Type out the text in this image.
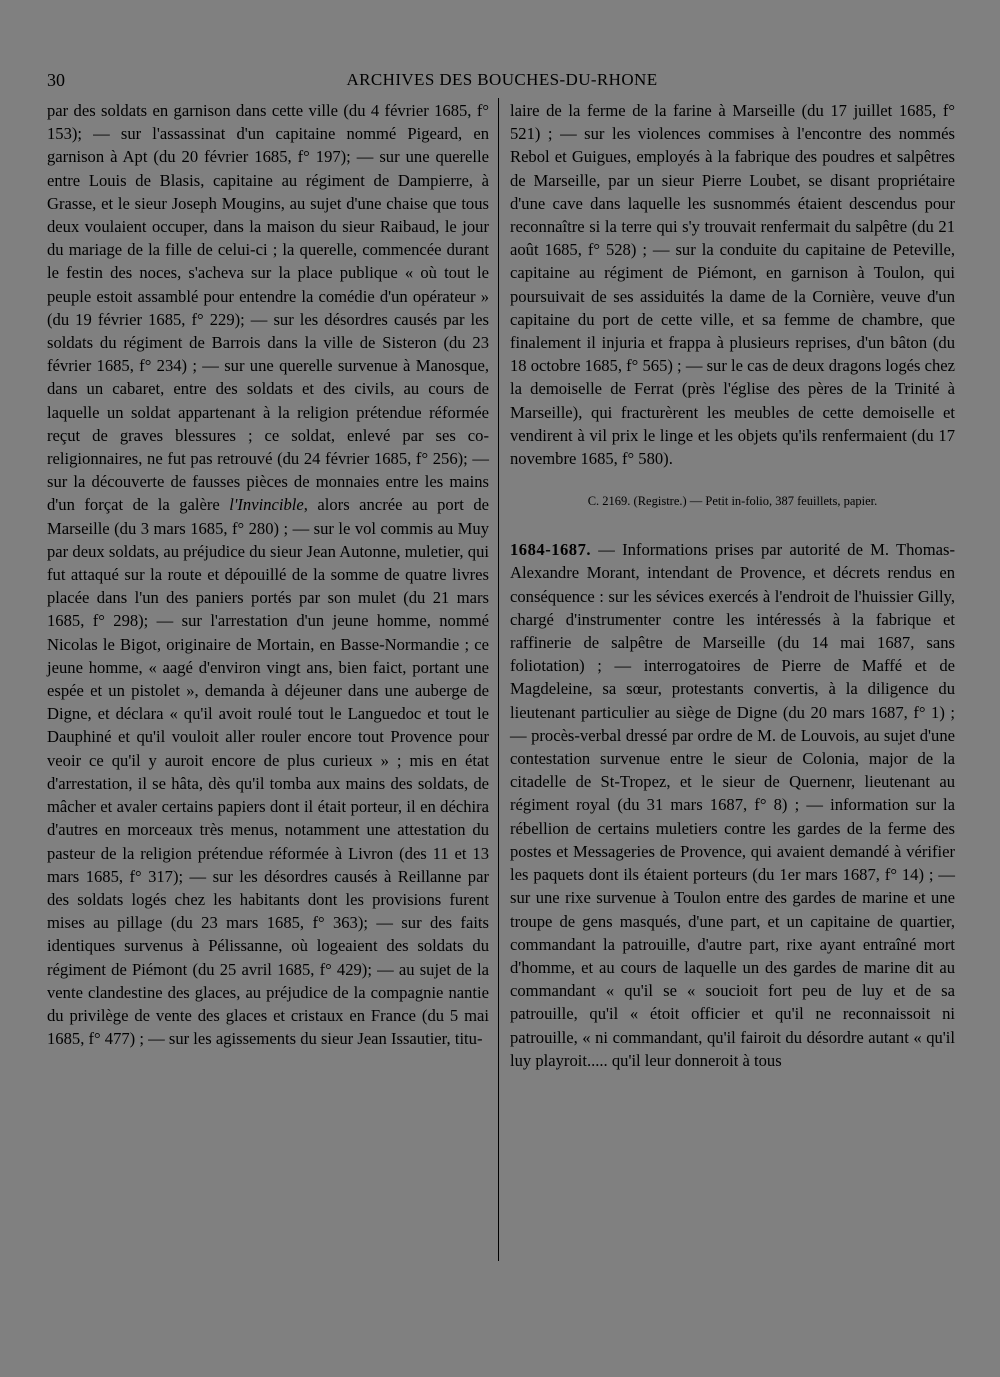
30	ARCHIVES DES BOUCHES-DU-RHONE

par des soldats en garnison dans cette ville (du 4 février 1685, f° 153); — sur l'assassinat d'un capitaine nommé Pigeard, en garnison à Apt (du 20 février 1685, f° 197); — sur une querelle entre Louis de Blasis, capitaine au régiment de Dampierre, à Grasse, et le sieur Joseph Mougins, au sujet d'une chaise que tous deux voulaient occuper, dans la maison du sieur Raibaud, le jour du mariage de la fille de celui-ci ; la querelle, commencée durant le festin des noces, s'acheva sur la place publique « où tout le peuple estoit assamblé pour entendre la comédie d'un opérateur » (du 19 février 1685, f° 229); — sur les désordres causés par les soldats du régiment de Barrois dans la ville de Sisteron (du 23 février 1685, f° 234) ; — sur une querelle survenue à Manosque, dans un cabaret, entre des soldats et des civils, au cours de laquelle un soldat appartenant à la religion prétendue réformée reçut de graves blessures ; ce soldat, enlevé par ses co-religionnaires, ne fut pas retrouvé (du 24 février 1685, f° 256); — sur la découverte de fausses pièces de monnaies entre les mains d'un forçat de la galère l'Invincible, alors ancrée au port de Marseille (du 3 mars 1685, f° 280) ; — sur le vol commis au Muy par deux soldats, au préjudice du sieur Jean Autonne, muletier, qui fut attaqué sur la route et dépouillé de la somme de quatre livres placée dans l'un des paniers portés par son mulet (du 21 mars 1685, f° 298); — sur l'arrestation d'un jeune homme, nommé Nicolas le Bigot, originaire de Mortain, en Basse-Normandie ; ce jeune homme, « aagé d'environ vingt ans, bien faict, portant une espée et un pistolet », demanda à déjeuner dans une auberge de Digne, et déclara « qu'il avoit roulé tout le Languedoc et tout le Dauphiné et qu'il vouloit aller rouler encore tout Provence pour veoir ce qu'il y auroit encore de plus curieux » ; mis en état d'arrestation, il se hâta, dès qu'il tomba aux mains des soldats, de mâcher et avaler certains papiers dont il était porteur, il en déchira d'autres en morceaux très menus, notamment une attestation du pasteur de la religion prétendue réformée à Livron (des 11 et 13 mars 1685, f° 317); — sur les désordres causés à Reillanne par des soldats logés chez les habitants dont les provisions furent mises au pillage (du 23 mars 1685, f° 363); — sur des faits identiques survenus à Pélissanne, où logeaient des soldats du régiment de Piémont (du 25 avril 1685, f° 429); — au sujet de la vente clandestine des glaces, au préjudice de la compagnie nantie du privilège de vente des glaces et cristaux en France (du 5 mai 1685, f° 477) ; — sur les agissements du sieur Jean Issautier, titu-

laire de la ferme de la farine à Marseille (du 17 juillet 1685, f° 521) ; — sur les violences commises à l'encontre des nommés Rebol et Guigues, employés à la fabrique des poudres et salpêtres de Marseille, par un sieur Pierre Loubet, se disant propriétaire d'une cave dans laquelle les susnommés étaient descendus pour reconnaître si la terre qui s'y trouvait renfermait du salpêtre (du 21 août 1685, f° 528) ; — sur la conduite du capitaine de Peteville, capitaine au régiment de Piémont, en garnison à Toulon, qui poursuivait de ses assiduités la dame de la Cornière, veuve d'un capitaine du port de cette ville, et sa femme de chambre, que finalement il injuria et frappa à plusieurs reprises, d'un bâton (du 18 octobre 1685, f° 565) ; — sur le cas de deux dragons logés chez la demoiselle de Ferrat (près l'église des pères de la Trinité à Marseille), qui fracturèrent les meubles de cette demoiselle et vendirent à vil prix le linge et les objets qu'ils renfermaient (du 17 novembre 1685, f° 580).

C. 2169. (Registre.) — Petit in-folio, 387 feuillets, papier.

1684-1687. — Informations prises par autorité de M. Thomas-Alexandre Morant, intendant de Provence, et décrets rendus en conséquence : sur les sévices exercés à l'endroit de l'huissier Gilly, chargé d'instrumenter contre les intéressés à la fabrique et raffinerie de salpêtre de Marseille (du 14 mai 1687, sans foliotation) ; — interrogatoires de Pierre de Maffé et de Magdeleine, sa sœur, protestants convertis, à la diligence du lieutenant particulier au siège de Digne (du 20 mars 1687, f° 1) ; — procès-verbal dressé par ordre de M. de Louvois, au sujet d'une contestation survenue entre le sieur de Colonia, major de la citadelle de St-Tropez, et le sieur de Quernenr, lieutenant au régiment royal (du 31 mars 1687, f° 8) ; — information sur la rébellion de certains muletiers contre les gardes de la ferme des postes et Messageries de Provence, qui avaient demandé à vérifier les paquets dont ils étaient porteurs (du 1er mars 1687, f° 14) ; — sur une rixe survenue à Toulon entre des gardes de marine et une troupe de gens masqués, d'une part, et un capitaine de quartier, commandant la patrouille, d'autre part, rixe ayant entraîné mort d'homme, et au cours de laquelle un des gardes de marine dit au commandant « qu'il se « soucioit fort peu de luy et de sa patrouille, qu'il « étoit officier et qu'il ne reconnaissoit ni patrouille, « ni commandant, qu'il fairoit du désordre autant « qu'il luy playroit..... qu'il leur donneroit à tous
